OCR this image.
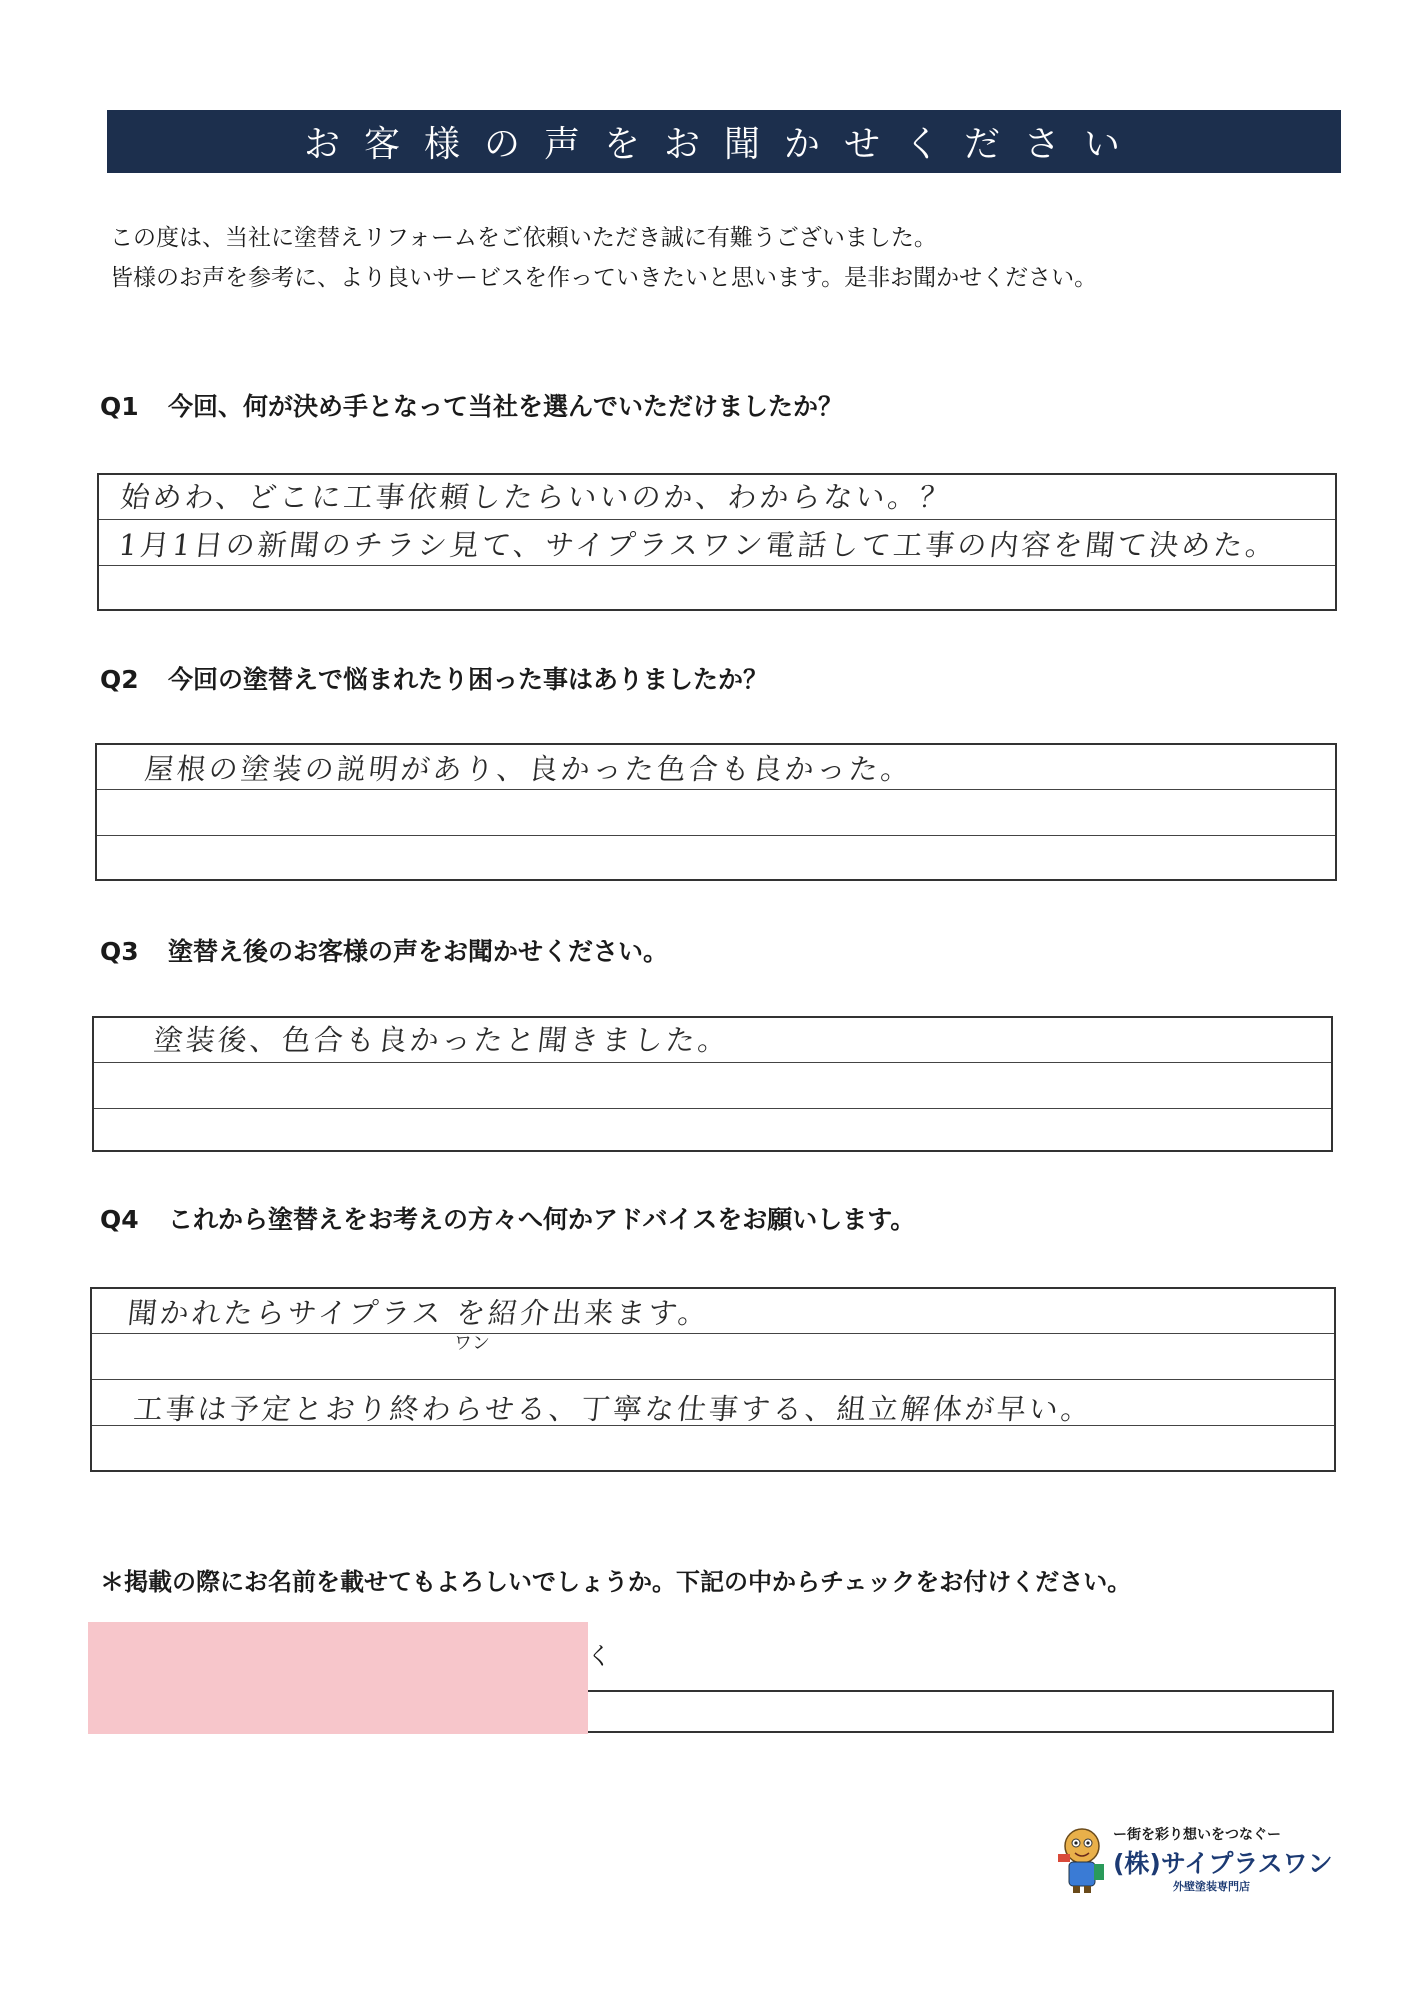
お客様の声をお聞かせください
この度は、当社に塗替えリフォームをご依頼いただき誠に有難うございました。
皆様のお声を参考に、より良いサービスを作っていきたいと思います。是非お聞かせください。
Q1 今回、何が決め手となって当社を選んでいただけましたか？
始めわ、どこに工事依頼したらいいのか、わからない。？
1月1日の新聞のチラシ見て、サイプラスワン電話して工事の内容を聞て決めた。
Q2 今回の塗替えで悩まれたり困った事はありましたか？
屋根の塗装の説明があり、良かった色合も良かった。
Q3 塗替え後のお客様の声をお聞かせください。
塗装後、色合も良かったと聞きました。
Q4 これから塗替えをお考えの方々へ何かアドバイスをお願いします。
聞かれたらサイプラス を紹介出来ます。
ワン
工事は予定とおり終わらせる、丁寧な仕事する、組立解体が早い。
＊掲載の際にお名前を載せてもよろしいでしょうか。下記の中からチェックをお付けください。
く
ー街を彩り想いをつなぐー
(株)サイプラスワン
外壁塗装専門店
